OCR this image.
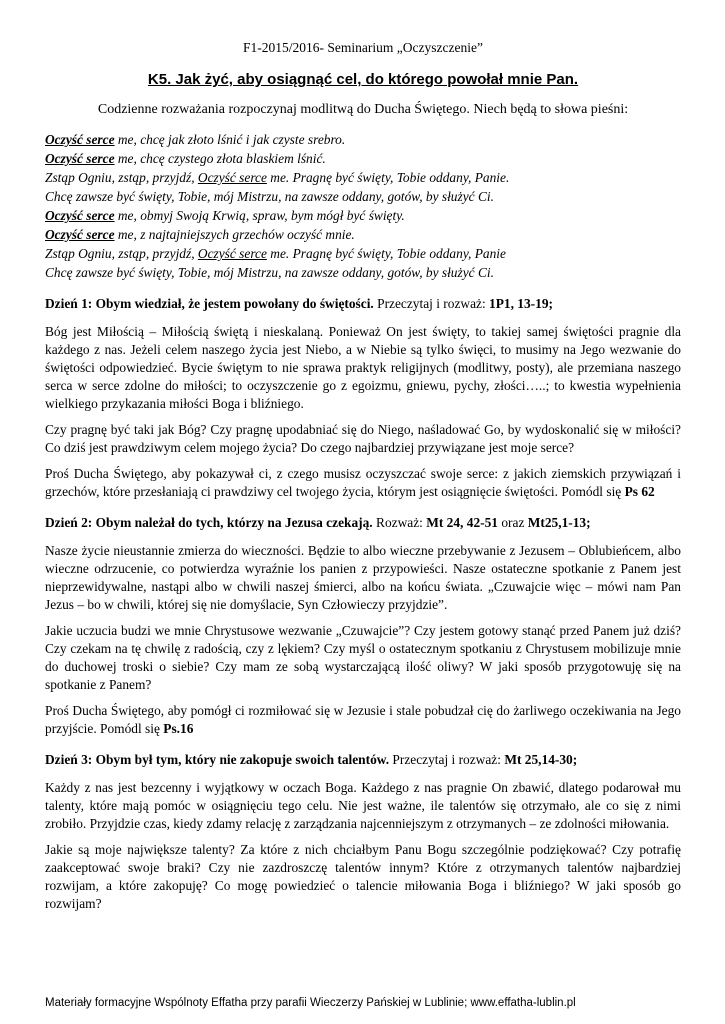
F1-2015/2016- Seminarium „Oczyszczenie”
K5. Jak żyć, aby osiągnąć cel, do którego powołał mnie Pan.
Codzienne rozważania rozpoczynaj modlitwą do Ducha Świętego. Niech będą to słowa pieśni:
Oczyść serce me, chcę jak złoto lśnić i jak czyste srebro.
Oczyść serce me, chcę czystego złota blaskiem lśnić.
Zstąp Ogniu, zstąp, przyjdź, Oczyść serce me. Pragnę być święty, Tobie oddany, Panie.
Chcę zawsze być święty, Tobie, mój Mistrzu, na zawsze oddany, gotów, by służyć Ci.
Oczyść serce me, obmyj Swoją Krwią, spraw, bym mógł być święty.
Oczyść serce me, z najtajniejszych grzechów oczyść mnie.
Zstąp Ogniu, zstąp, przyjdź, Oczyść serce me. Pragnę być święty, Tobie oddany, Panie
Chcę zawsze być święty, Tobie, mój Mistrzu, na zawsze oddany, gotów, by służyć Ci.
Dzień 1: Obym wiedział, że jestem powołany do świętości. Przeczytaj i rozważ: 1P1, 13-19;

Bóg jest Miłością – Miłością świętą i nieskalaną. Ponieważ On jest święty, to takiej samej świętości pragnie dla każdego z nas. Jeżeli celem naszego życia jest Niebo, a w Niebie są tylko święci, to musimy na Jego wezwanie do świętości odpowiedzieć. Bycie świętym to nie sprawa praktyk religijnych (modlitwy, posty), ale przemiana naszego serca w serce zdolne do miłości; to oczyszczenie go z egoizmu, gniewu, pychy, złości…..; to kwestia wypełnienia wielkiego przykazania miłości Boga i bliźniego.

Czy pragnę być taki jak Bóg? Czy pragnę upodabniać się do Niego, naśladować Go, by wydoskonalić się w miłości? Co dziś jest prawdziwym celem mojego życia? Do czego najbardziej przywiązane jest moje serce?

Proś Ducha Świętego, aby pokazywał ci, z czego musisz oczyszczać swoje serce: z jakich ziemskich przywiązań i grzechów, które przesłaniają ci prawdziwy cel twojego życia, którym jest osiągnięcie świętości. Pomódl się Ps 62

Dzień 2: Obym należał do tych, którzy na Jezusa czekają. Rozważ: Mt 24, 42-51 oraz Mt25,1-13;

Nasze życie nieustannie zmierza do wieczności. Będzie to albo wieczne przebywanie z Jezusem – Oblubieńcem, albo wieczne odrzucenie, co potwierdza wyraźnie los panien z przypowieści. Nasze ostateczne spotkanie z Panem jest nieprzewidywalne, nastąpi albo w chwili naszej śmierci, albo na końcu świata. „Czuwajcie więc – mówi nam Pan Jezus – bo w chwili, której się nie domyślacie, Syn Człowieczy przyjdzie”.

Jakie uczucia budzi we mnie Chrystusowe wezwanie „Czuwajcie”? Czy jestem gotowy stanąć przed Panem już dziś? Czy czekam na tę chwilę z radością, czy z lękiem? Czy myśl o ostatecznym spotkaniu z Chrystusem mobilizuje mnie do duchowej troski o siebie? Czy mam ze sobą wystarczającą ilość oliwy? W jaki sposób przygotowuję się na spotkanie z Panem?

Proś Ducha Świętego, aby pomógł ci rozmiłować się w Jezusie i stale pobudzał cię do żarliwego oczekiwania na Jego przyjście. Pomódl się Ps.16

Dzień 3: Obym był tym, który nie zakopuje swoich talentów. Przeczytaj i rozważ: Mt 25,14-30;

Każdy z nas jest bezcenny i wyjątkowy w oczach Boga. Każdego z nas pragnie On zbawić, dlatego podarował mu talenty, które mają pomóc w osiągnięciu tego celu. Nie jest ważne, ile talentów się otrzymało, ale co się z nimi zrobiło. Przyjdzie czas, kiedy zdamy relację z zarządzania najcenniejszym z otrzymanych – ze zdolności miłowania.

Jakie są moje największe talenty? Za które z nich chciałbym Panu Bogu szczególnie podziękować? Czy potrafię zaakceptować swoje braki? Czy nie zazdroszczę talentów innym? Które z otrzymanych talentów najbardziej rozwijam, a które zakopuję? Co mogę powiedzieć o talencie miłowania Boga i bliźniego? W jaki sposób go rozwijam?

Materiały formacyjne Wspólnoty Effatha przy parafii Wieczerzy Pańskiej w Lublinie; www.effatha-lublin.pl
